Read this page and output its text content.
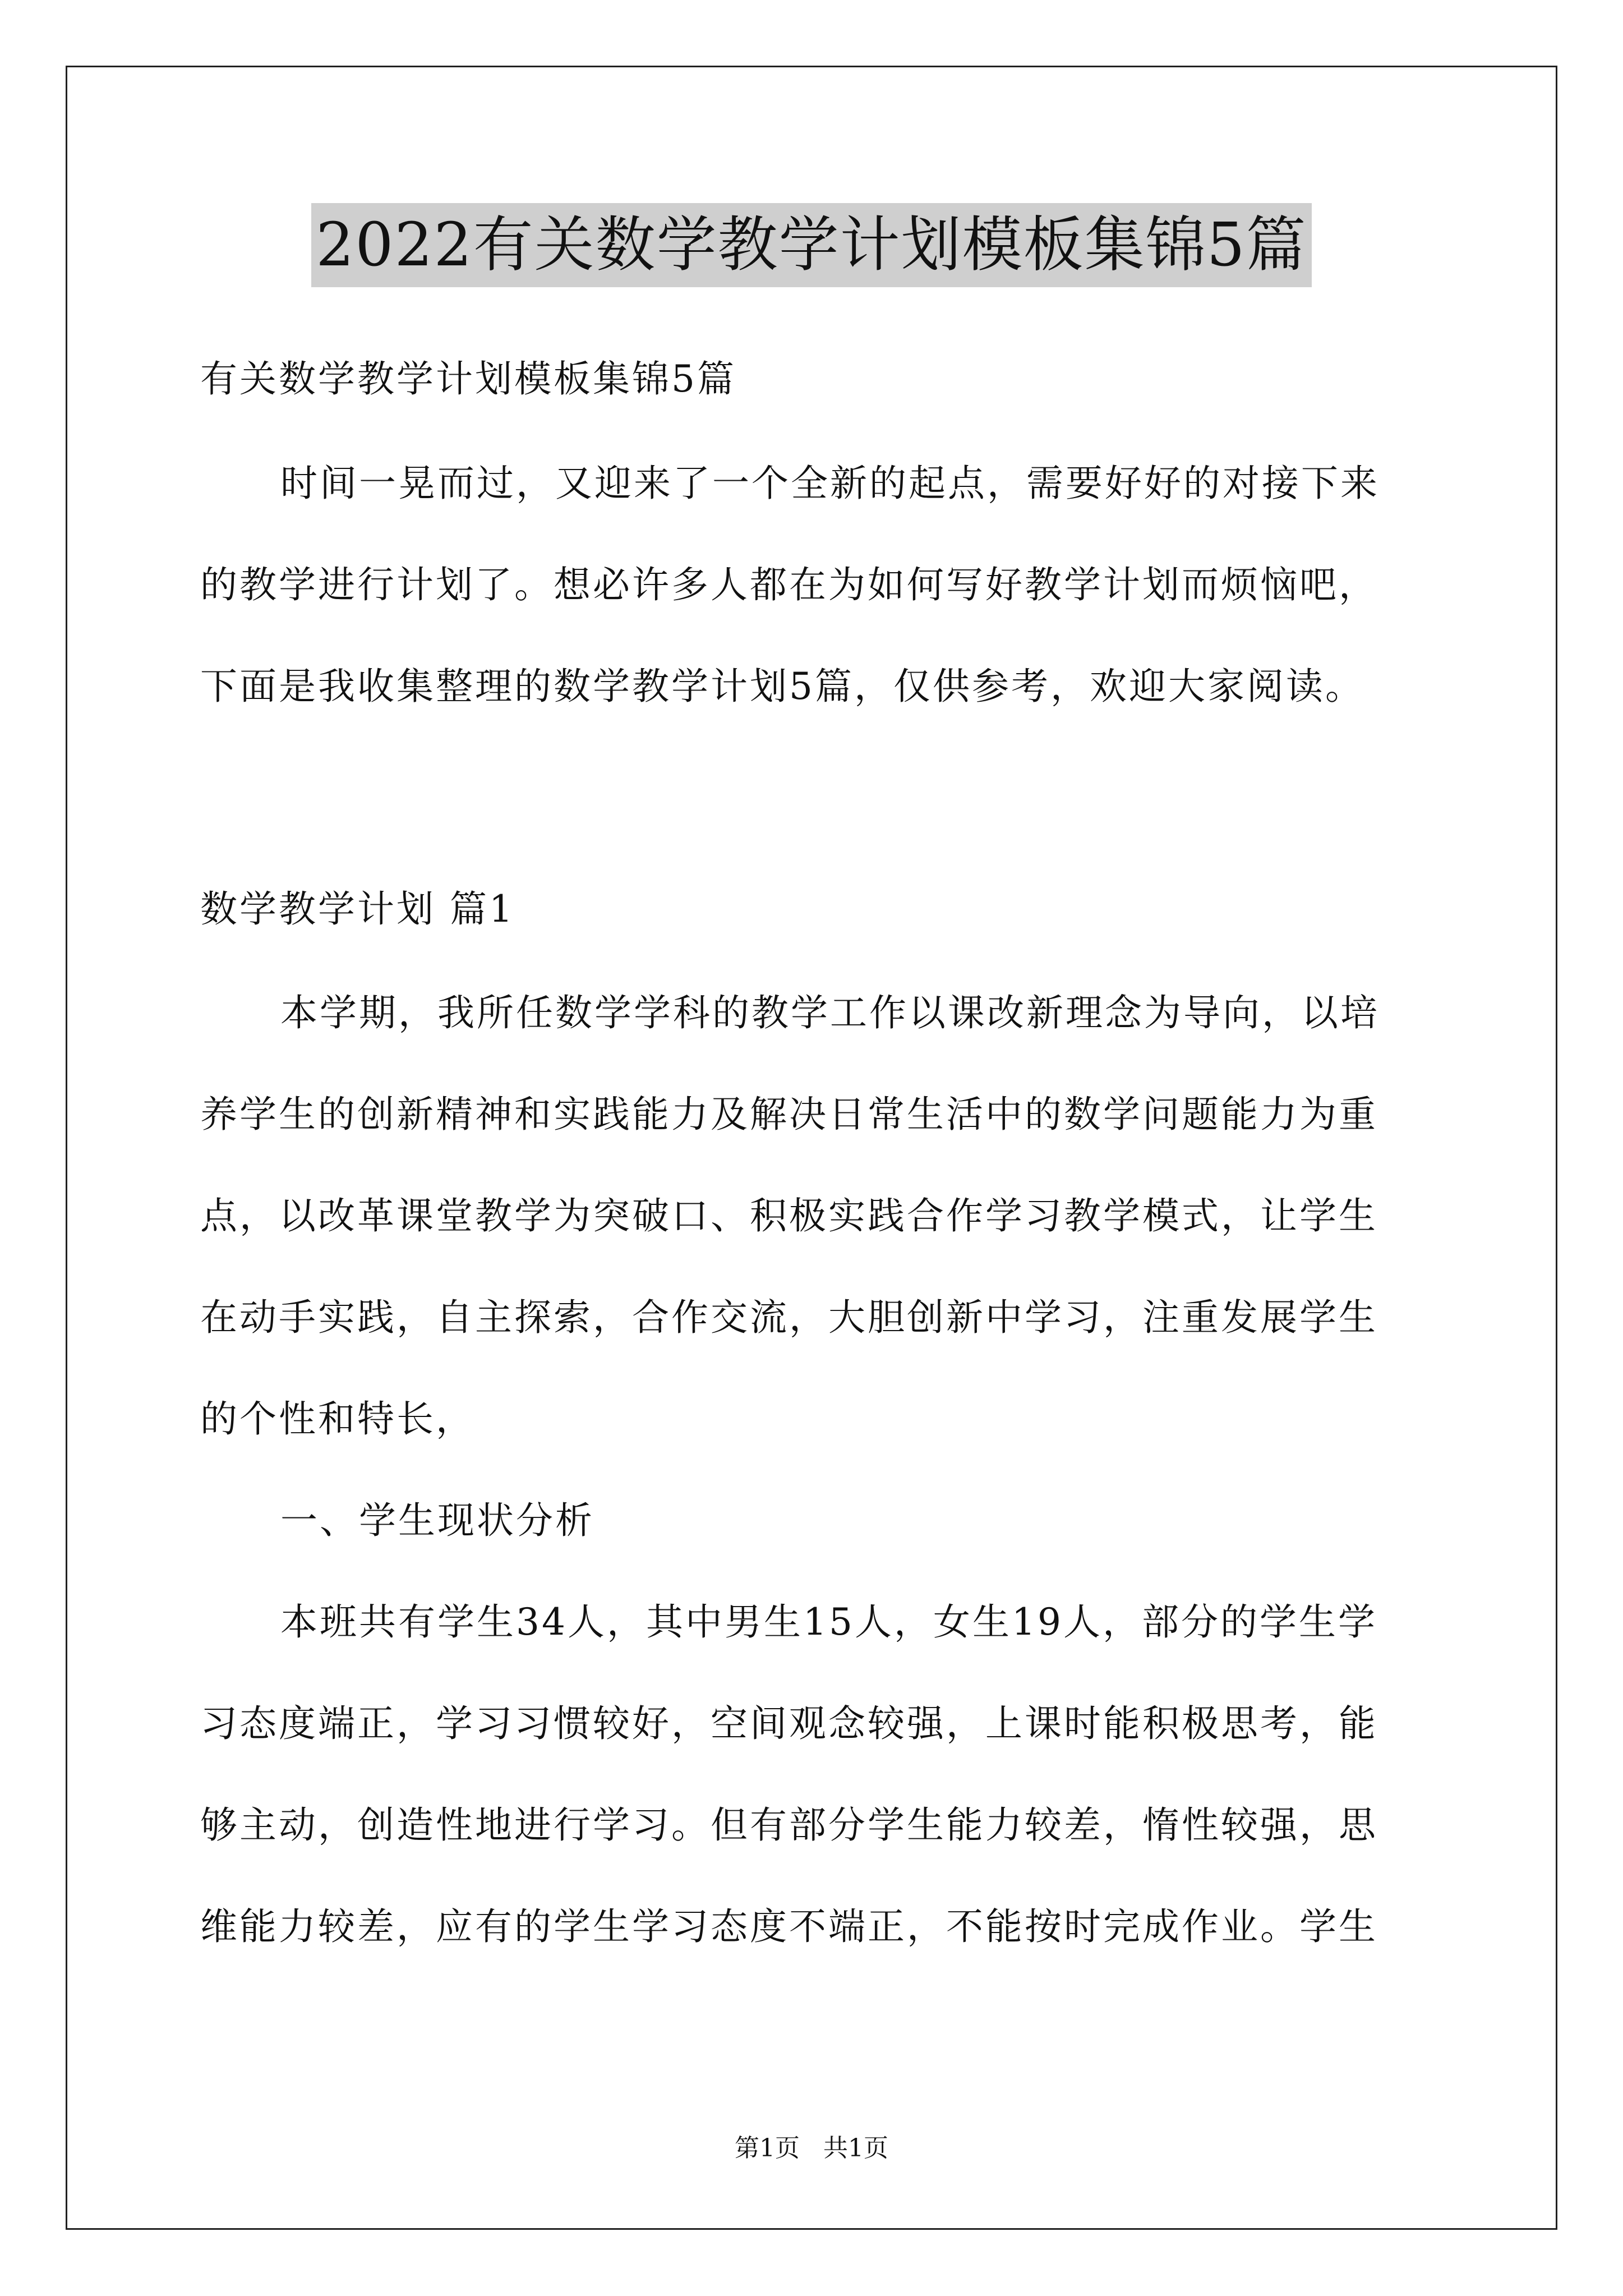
2022有关数学教学计划模板集锦5篇
有关数学教学计划模板集锦5篇
时间一晃而过，又迎来了一个全新的起点，需要好好的对接下来
的教学进行计划了。想必许多人都在为如何写好教学计划而烦恼吧，
下面是我收集整理的数学教学计划5篇，仅供参考，欢迎大家阅读。
数学教学计划 篇1
本学期，我所任数学学科的教学工作以课改新理念为导向，以培
养学生的创新精神和实践能力及解决日常生活中的数学问题能力为重
点，以改革课堂教学为突破口、积极实践合作学习教学模式，让学生
在动手实践，自主探索，合作交流，大胆创新中学习，注重发展学生
的个性和特长，
一、学生现状分析
本班共有学生34人，其中男生15人，女生19人，部分的学生学
习态度端正，学习习惯较好，空间观念较强，上课时能积极思考，能
够主动，创造性地进行学习。但有部分学生能力较差，惰性较强，思
维能力较差，应有的学生学习态度不端正，不能按时完成作业。学生
第1页 共1页
